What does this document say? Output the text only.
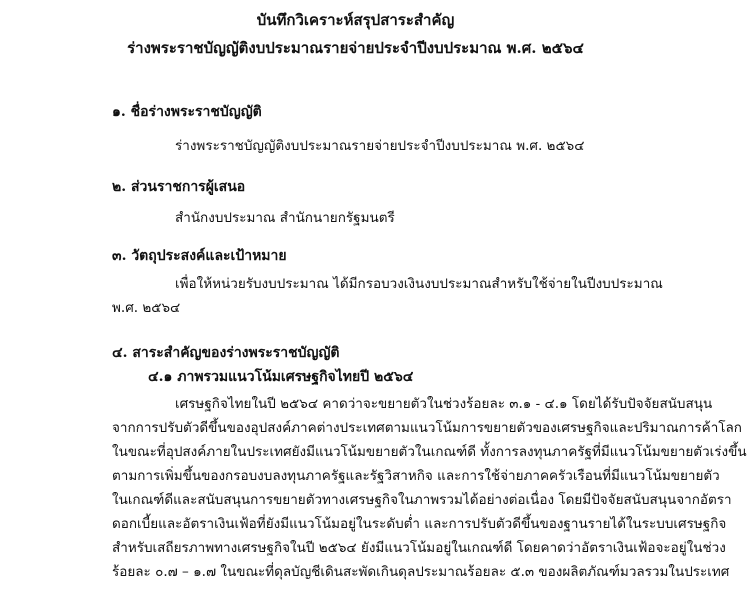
บันทึกวิเคราะห์สรุปสาระสำคัญ
ร่างพระราชบัญญัติงบประมาณรายจ่ายประจำปีงบประมาณ พ.ศ. ๒๕๖๔
๑. ชื่อร่างพระราชบัญญัติ
ร่างพระราชบัญญัติงบประมาณรายจ่ายประจำปีงบประมาณ พ.ศ. ๒๕๖๔
๒. ส่วนราชการผู้เสนอ
สำนักงบประมาณ สำนักนายกรัฐมนตรี
๓. วัตถุประสงค์และเป้าหมาย
เพื่อให้หน่วยรับงบประมาณ ได้มีกรอบวงเงินงบประมาณสำหรับใช้จ่ายในปีงบประมาณ
พ.ศ. ๒๕๖๔
๔. สาระสำคัญของร่างพระราชบัญญัติ
๔.๑ ภาพรวมแนวโน้มเศรษฐกิจไทยปี ๒๕๖๔
เศรษฐกิจไทยในปี ๒๕๖๔ คาดว่าจะขยายตัวในช่วงร้อยละ ๓.๑ - ๔.๑ โดยได้รับปัจจัยสนับสนุน
จากการปรับตัวดีขึ้นของอุปสงค์ภาคต่างประเทศตามแนวโน้มการขยายตัวของเศรษฐกิจและปริมาณการค้าโลก
ในขณะที่อุปสงค์ภายในประเทศยังมีแนวโน้มขยายตัวในเกณฑ์ดี ทั้งการลงทุนภาครัฐที่มีแนวโน้มขยายตัวเร่งขึ้น
ตามการเพิ่มขึ้นของกรอบงบลงทุนภาครัฐและรัฐวิสาหกิจ และการใช้จ่ายภาคครัวเรือนที่มีแนวโน้มขยายตัว
ในเกณฑ์ดีและสนับสนุนการขยายตัวทางเศรษฐกิจในภาพรวมได้อย่างต่อเนื่อง โดยมีปัจจัยสนับสนุนจากอัตรา
ดอกเบี้ยและอัตราเงินเฟ้อที่ยังมีแนวโน้มอยู่ในระดับต่ำ และการปรับตัวดีขึ้นของฐานรายได้ในระบบเศรษฐกิจ
สำหรับเสถียรภาพทางเศรษฐกิจในปี ๒๕๖๔ ยังมีแนวโน้มอยู่ในเกณฑ์ดี โดยคาดว่าอัตราเงินเฟ้อจะอยู่ในช่วง
ร้อยละ ๐.๗ – ๑.๗ ในขณะที่ดุลบัญชีเดินสะพัดเกินดุลประมาณร้อยละ ๕.๓ ของผลิตภัณฑ์มวลรวมในประเทศ
